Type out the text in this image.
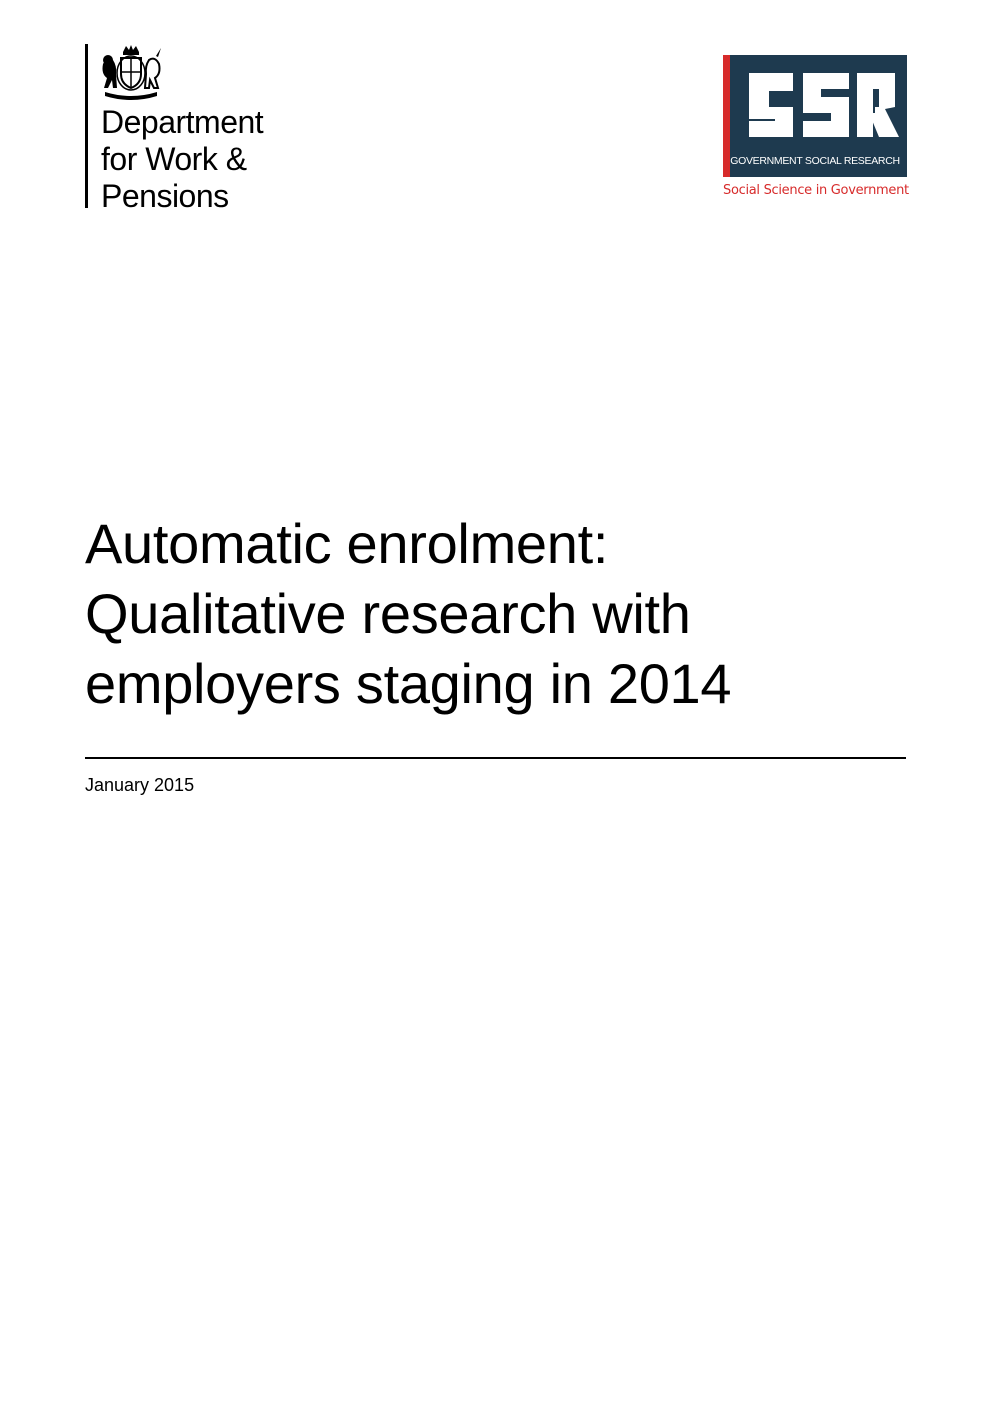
Department
for Work &
Pensions
GOVERNMENT SOCIAL RESEARCH
Social Science in Government
Automatic enrolment:
Qualitative research with
employers staging in 2014

January 2015
